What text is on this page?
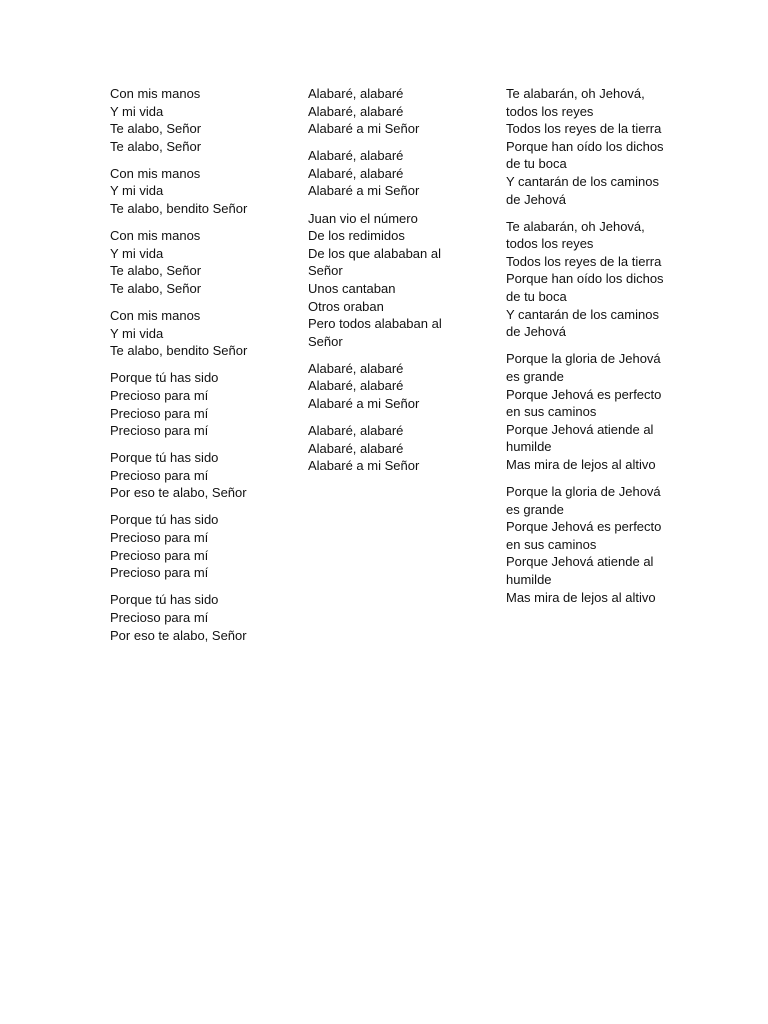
Con mis manos
Y mi vida
Te alabo, Señor
Te alabo, Señor
Con mis manos
Y mi vida
Te alabo, bendito Señor
Con mis manos
Y mi vida
Te alabo, Señor
Te alabo, Señor
Con mis manos
Y mi vida
Te alabo, bendito Señor
Porque tú has sido
Precioso para mí
Precioso para mí
Precioso para mí
Porque tú has sido
Precioso para mí
Por eso te alabo, Señor
Porque tú has sido
Precioso para mí
Precioso para mí
Precioso para mí
Porque tú has sido
Precioso para mí
Por eso te alabo, Señor
Alabaré, alabaré
Alabaré, alabaré
Alabaré a mi Señor
Alabaré, alabaré
Alabaré, alabaré
Alabaré a mi Señor
Juan vio el número
De los redimidos
De los que alababan al Señor
Unos cantaban
Otros oraban
Pero todos alababan al Señor
Alabaré, alabaré
Alabaré, alabaré
Alabaré a mi Señor
Alabaré, alabaré
Alabaré, alabaré
Alabaré a mi Señor
Te alabarán, oh Jehová, todos los reyes
Todos los reyes de la tierra
Porque han oído los dichos de tu boca
Y cantarán de los caminos de Jehová
Te alabarán, oh Jehová, todos los reyes
Todos los reyes de la tierra
Porque han oído los dichos de tu boca
Y cantarán de los caminos de Jehová
Porque la gloria de Jehová es grande
Porque Jehová es perfecto en sus caminos
Porque Jehová atiende al humilde
Mas mira de lejos al altivo
Porque la gloria de Jehová es grande
Porque Jehová es perfecto en sus caminos
Porque Jehová atiende al humilde
Mas mira de lejos al altivo
